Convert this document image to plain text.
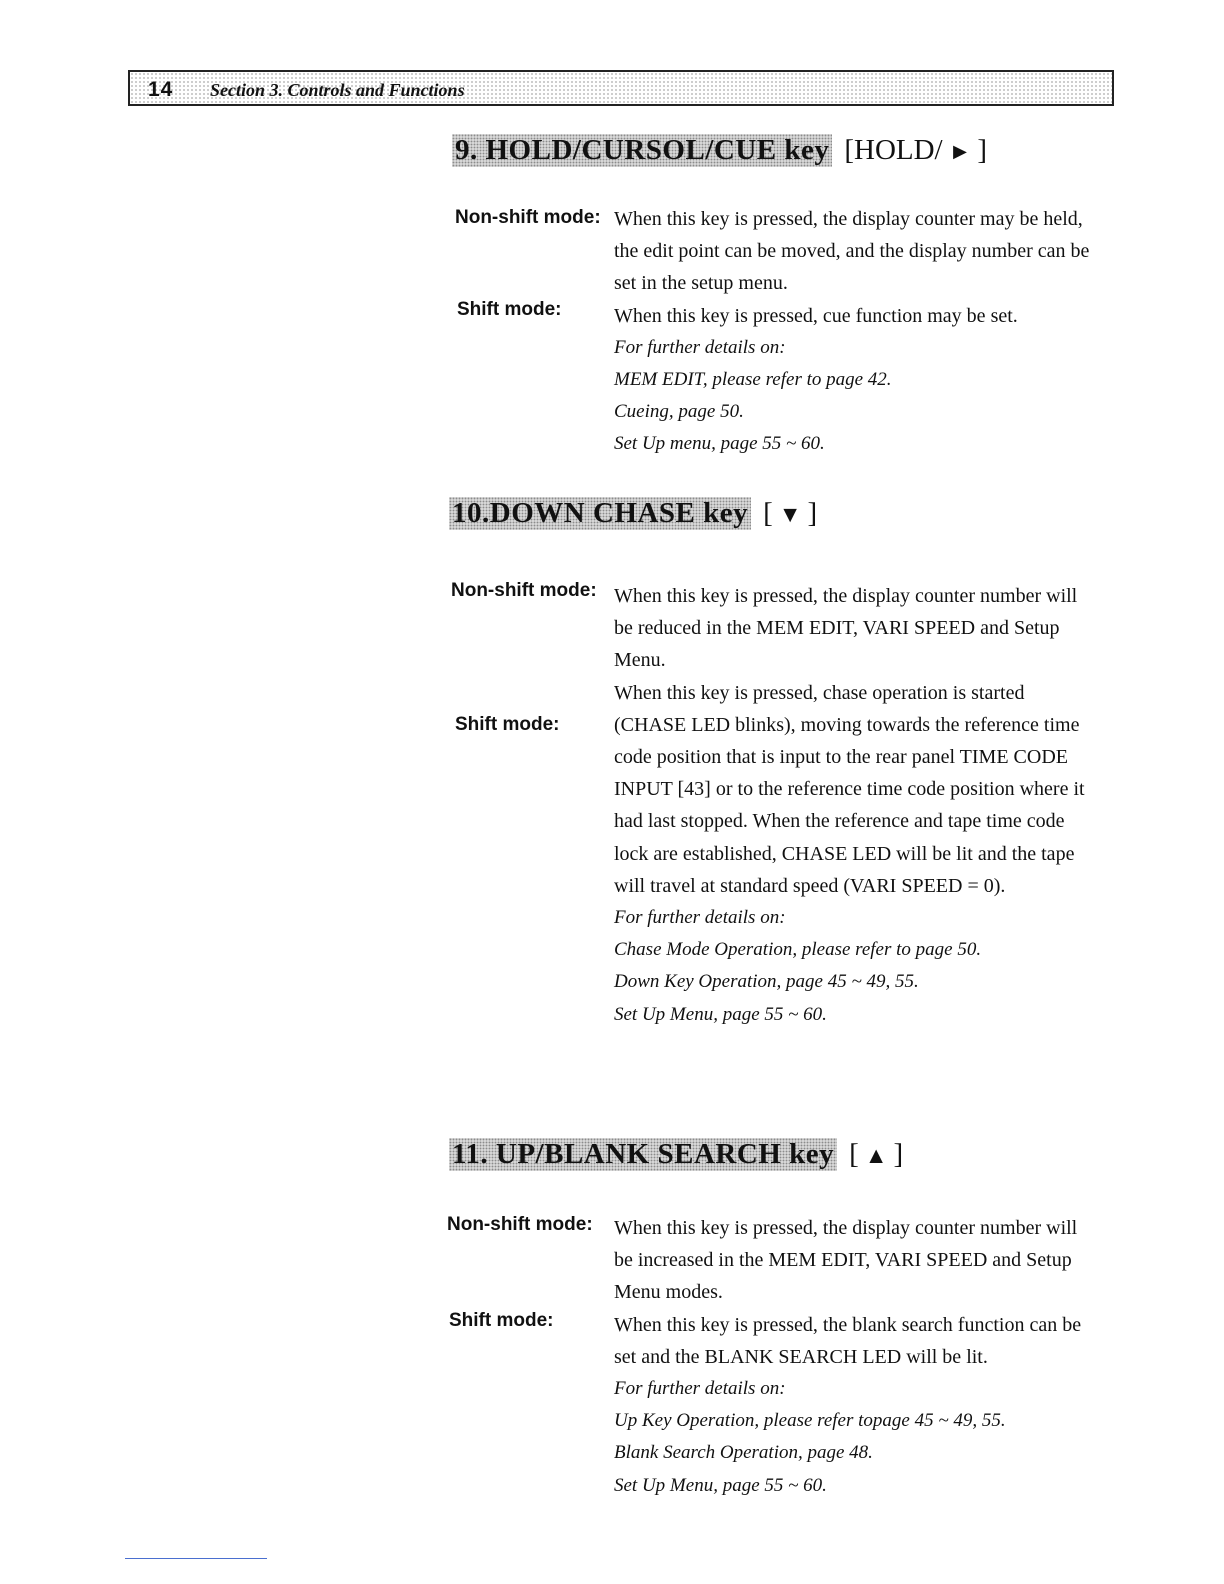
14 Section 3. Controls and Functions
9. HOLD/CURSOL/CUE key [HOLD/ ► ]
Non-shift mode:
Shift mode:

When this key is pressed, the display counter may be held, the edit point can be moved, and the display number can be set in the setup menu.

When this key is pressed, cue function may be set.

For further details on:
MEM EDIT, please refer to page 42.
Cueing, page 50.
Set Up menu, page 55 ~ 60.
10.DOWN CHASE key [ ▼ ]
Non-shift mode:
Shift mode:

When this key is pressed, the display counter number will be reduced in the MEM EDIT, VARI SPEED and Setup Menu.

When this key is pressed, chase operation is started (CHASE LED blinks), moving towards the reference time code position that is input to the rear panel TIME CODE INPUT [43] or to the reference time code position where it had last stopped. When the reference and tape time code lock are established, CHASE LED will be lit and the tape will travel at standard speed (VARI SPEED = 0).

For further details on:
Chase Mode Operation, please refer to page 50.
Down Key Operation, page 45 ~ 49, 55.
Set Up Menu, page 55 ~ 60.
11. UP/BLANK SEARCH key [ ▲ ]
Non-shift mode:
Shift mode:

When this key is pressed, the display counter number will be increased in the MEM EDIT, VARI SPEED and Setup Menu modes.

When this key is pressed, the blank search function can be set and the BLANK SEARCH LED will be lit.

For further details on:
Up Key Operation, please refer topage 45 ~ 49, 55.
Blank Search Operation, page 48.
Set Up Menu, page 55 ~ 60.
